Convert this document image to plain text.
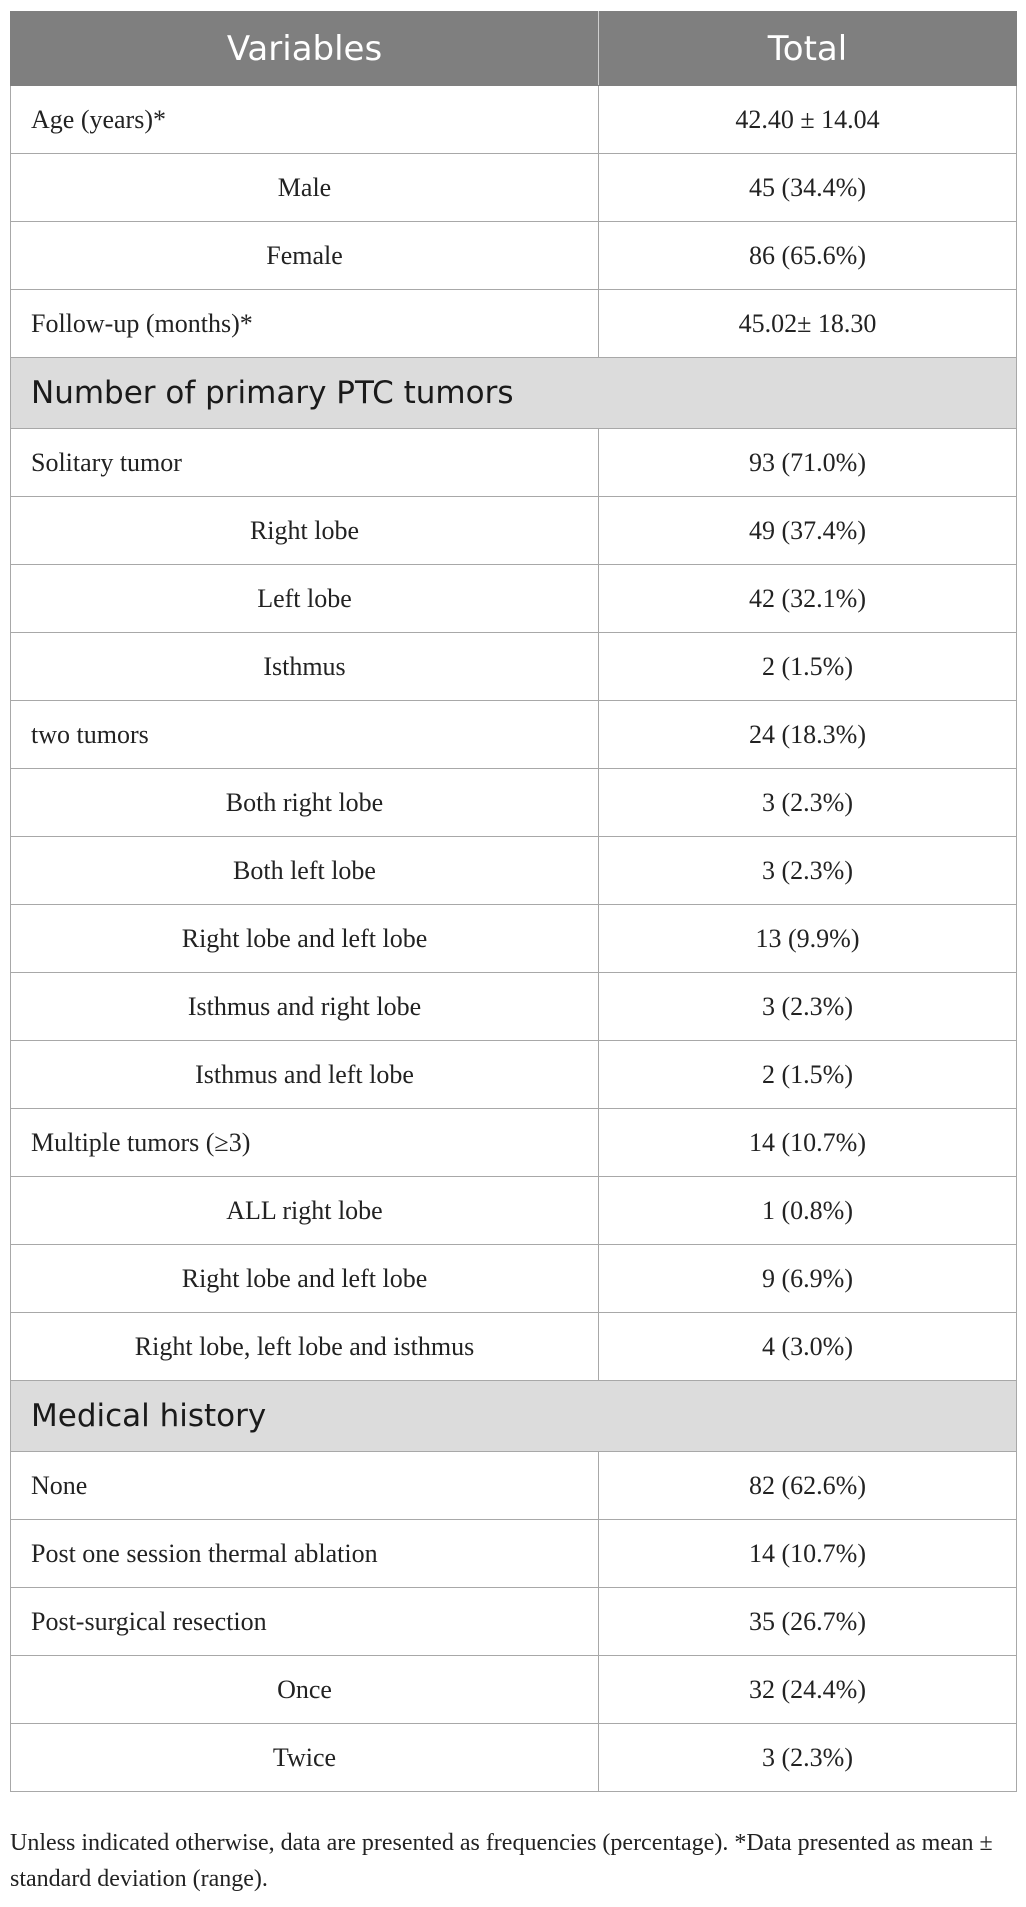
Variables	Total
Age (years)*	42.40 ± 14.04
Male	45 (34.4%)
Female	86 (65.6%)
Follow-up (months)*	45.02± 18.30
Number of primary PTC tumors	
Solitary tumor	93 (71.0%)
Right lobe	49 (37.4%)
Left lobe	42 (32.1%)
Isthmus	2 (1.5%)
two tumors	24 (18.3%)
Both right lobe	3 (2.3%)
Both left lobe	3 (2.3%)
Right lobe and left lobe	13 (9.9%)
Isthmus and right lobe	3 (2.3%)
Isthmus and left lobe	2 (1.5%)
Multiple tumors (≥3)	14 (10.7%)
ALL right lobe	1 (0.8%)
Right lobe and left lobe	9 (6.9%)
Right lobe, left lobe and isthmus	4 (3.0%)
Medical history	
None	82 (62.6%)
Post one session thermal ablation	14 (10.7%)
Post-surgical resection	35 (26.7%)
Once	32 (24.4%)
Twice	3 (2.3%)

Unless indicated otherwise, data are presented as frequencies (percentage). *Data presented as mean ± standard deviation (range).
